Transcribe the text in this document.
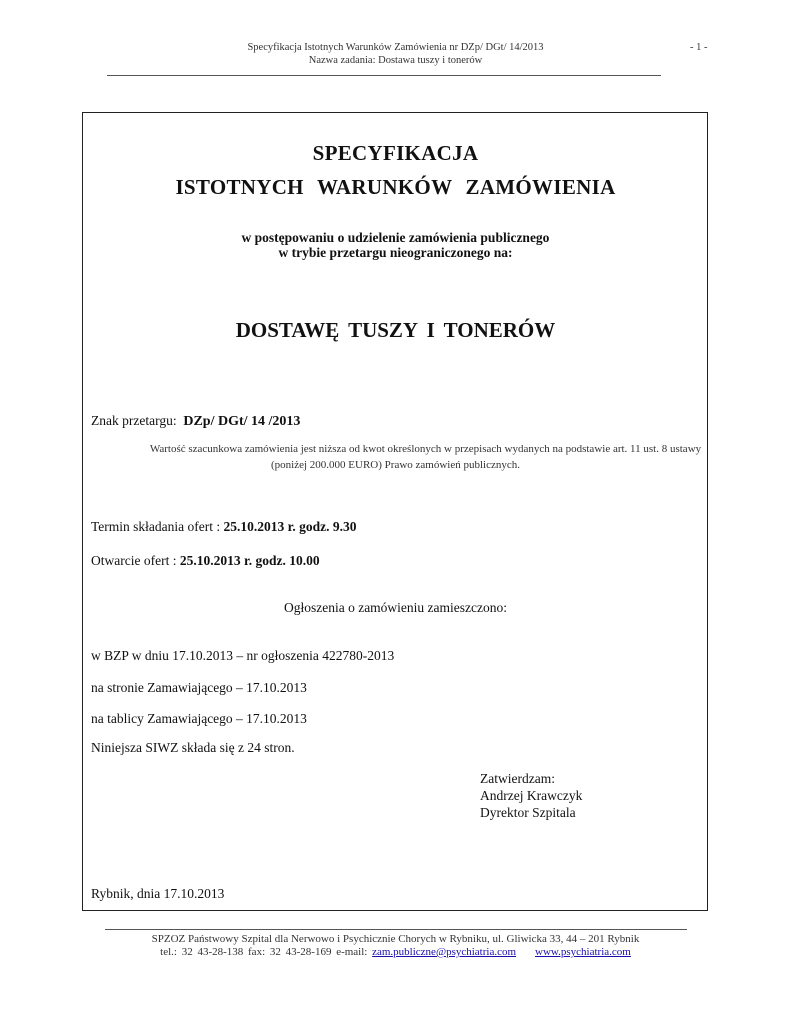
Specyfikacja Istotnych Warunków Zamówienia nr DZp/ DGt/ 14/2013	- 1 -
Nazwa zadania: Dostawa tuszy i tonerów
SPECYFIKACJA
ISTOTNYCH WARUNKÓW ZAMÓWIENIA
w postępowaniu o udzielenie zamówienia publicznego
w trybie przetargu nieograniczonego na:
DOSTAWĘ TUSZY I TONERÓW
Znak przetargu: DZp/ DGt/ 14 /2013
Wartość szacunkowa zamówienia jest niższa od kwot określonych w przepisach wydanych na podstawie art. 11 ust. 8 ustawy
(poniżej 200.000 EURO) Prawo zamówień publicznych.
Termin składania ofert : 25.10.2013 r. godz. 9.30
Otwarcie ofert : 25.10.2013 r. godz. 10.00
Ogłoszenia o zamówieniu zamieszczono:
w BZP w dniu 17.10.2013 – nr ogłoszenia 422780-2013
na stronie Zamawiającego – 17.10.2013
na tablicy Zamawiającego – 17.10.2013
Niniejsza SIWZ składa się z 24 stron.
Zatwierdzam:
Andrzej Krawczyk
Dyrektor Szpitala
Rybnik, dnia 17.10.2013
SPZOZ Państwowy Szpital dla Nerwowo i Psychicznie Chorych w Rybniku, ul. Gliwicka 33, 44 – 201 Rybnik
tel.: 32 43-28-138 fax: 32 43-28-169 e-mail: zam.publiczne@psychiatria.com www.psychiatria.com
